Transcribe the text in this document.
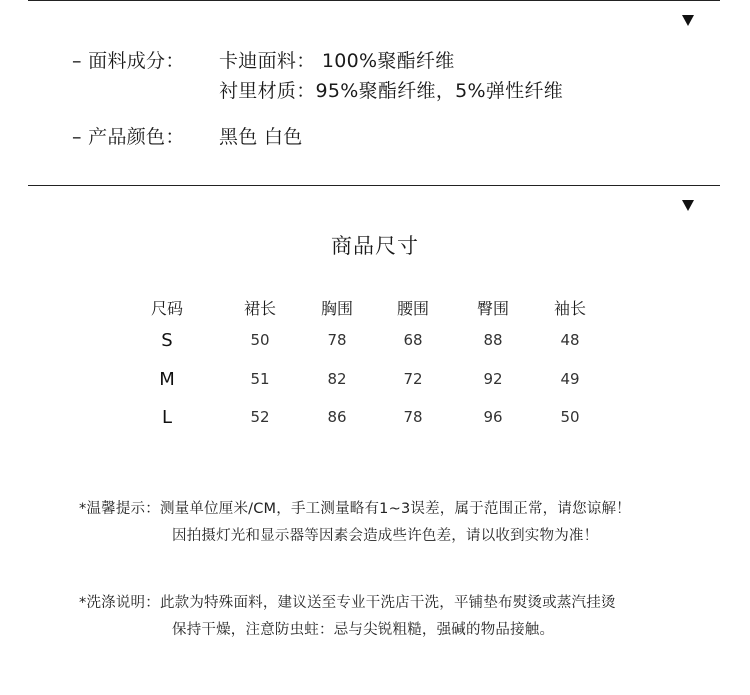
– 面料成分： 卡迪面料： 100%聚酯纤维
衬里材质：95%聚酯纤维，5%弹性纤维
– 产品颜色： 黑色 白色
商品尺寸
尺码	裙长	胸围	腰围	臀围	袖长
S	50	78	68	88	48
M	51	82	72	92	49
L	52	86	78	96	50
*温馨提示：测量单位厘米/CM，手工测量略有1~3误差，属于范围正常，请您谅解！
因拍摄灯光和显示器等因素会造成些许色差，请以收到实物为准！
*洗涤说明：此款为特殊面料，建议送至专业干洗店干洗，平铺垫布熨烫或蒸汽挂烫
保持干燥，注意防虫蛀：忌与尖锐粗糙，强碱的物品接触。
